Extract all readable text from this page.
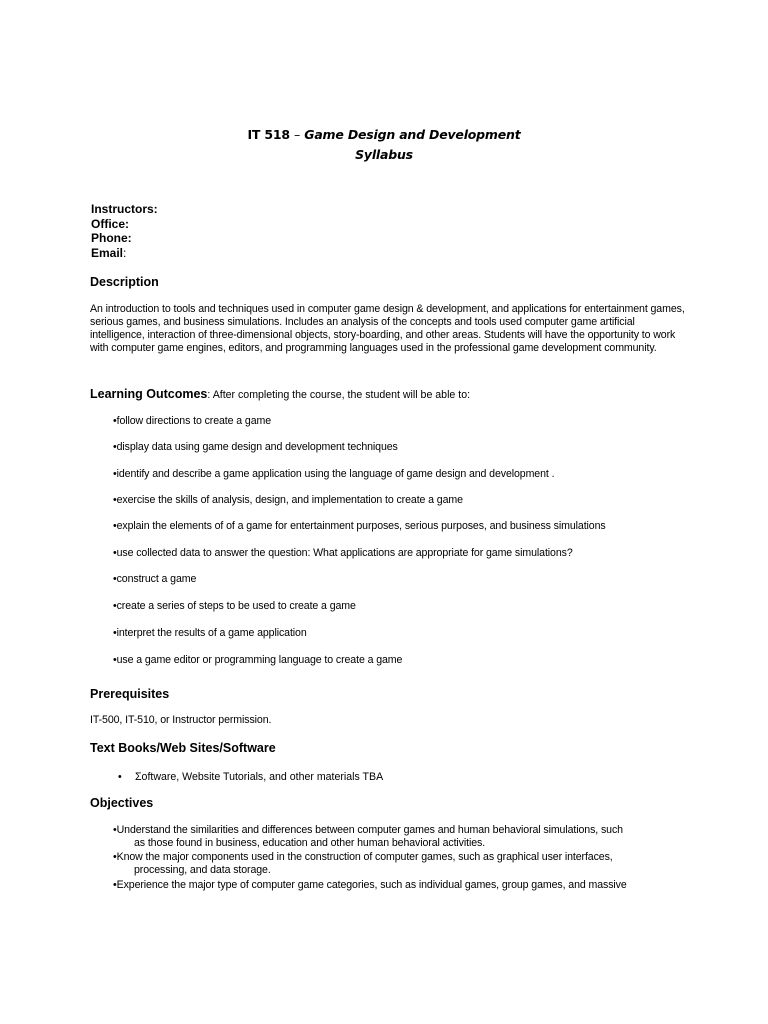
IT 518 – Game Design and Development
Syllabus
Instructors:
Office:
Phone:
Email:
Description
An introduction to tools and techniques used in computer game design & development, and applications for entertainment games, serious games, and business simulations. Includes an analysis of the concepts and tools used computer game artificial intelligence, interaction of three-dimensional objects, story-boarding, and other areas. Students will have the opportunity to work with computer game engines, editors, and programming languages used in the professional game development community.
Learning Outcomes: After completing the course, the student will be able to:
•follow directions to create a game
•display data using game design and development techniques
•identify and describe a game application using the language of game design and development .
•exercise the skills of analysis, design, and implementation to create a game
•explain the elements of of a game for entertainment purposes, serious purposes, and business simulations
•use collected data to answer the question: What applications are appropriate for game simulations?
•construct a game
•create a series of steps to be used to create a game
•interpret the results of a game application
•use a game editor or programming language to create a game
Prerequisites
IT-500, IT-510, or Instructor permission.
Text Books/Web Sites/Software
• Σoftware, Website Tutorials, and other materials TBA
Objectives
•Understand the similarities and differences between computer games and human behavioral simulations, such
as those found in business, education and other human behavioral activities.
•Know the major components used in the construction of computer games, such as graphical user interfaces,
processing, and data storage.
•Experience the major type of computer game categories, such as individual games, group games, and massive
